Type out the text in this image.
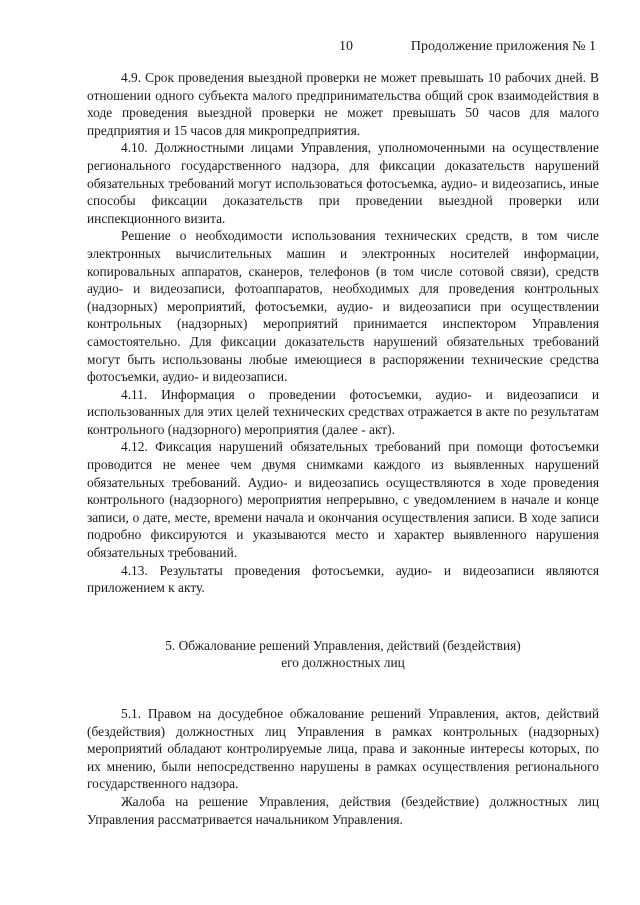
10	Продолжение приложения № 1

4.9. Срок проведения выездной проверки не может превышать 10 рабочих дней. В отношении одного субъекта малого предпринимательства общий срок взаимодействия в ходе проведения выездной проверки не может превышать 50 часов для малого предприятия и 15 часов для микропредприятия.

4.10. Должностными лицами Управления, уполномоченными на осуществление регионального государственного надзора, для фиксации доказательств нарушений обязательных требований могут использоваться фотосъемка, аудио- и видеозапись, иные способы фиксации доказательств при проведении выездной проверки или инспекционного визита.

Решение о необходимости использования технических средств, в том числе электронных вычислительных машин и электронных носителей информации, копировальных аппаратов, сканеров, телефонов (в том числе сотовой связи), средств аудио- и видеозаписи, фотоаппаратов, необходимых для проведения контрольных (надзорных) мероприятий, фотосъемки, аудио- и видеозаписи при осуществлении контрольных (надзорных) мероприятий принимается инспектором Управления самостоятельно. Для фиксации доказательств нарушений обязательных требований могут быть использованы любые имеющиеся в распоряжении технические средства фотосъемки, аудио- и видеозаписи.

4.11. Информация о проведении фотосъемки, аудио- и видеозаписи и использованных для этих целей технических средствах отражается в акте по результатам контрольного (надзорного) мероприятия (далее - акт).

4.12. Фиксация нарушений обязательных требований при помощи фотосъемки проводится не менее чем двумя снимками каждого из выявленных нарушений обязательных требований. Аудио- и видеозапись осуществляются в ходе проведения контрольного (надзорного) мероприятия непрерывно, с уведомлением в начале и конце записи, о дате, месте, времени начала и окончания осуществления записи. В ходе записи подробно фиксируются и указываются место и характер выявленного нарушения обязательных требований.

4.13. Результаты проведения фотосъемки, аудио- и видеозаписи являются приложением к акту.

5. Обжалование решений Управления, действий (бездействия)
его должностных лиц

5.1. Правом на досудебное обжалование решений Управления, актов, действий (бездействия) должностных лиц Управления в рамках контрольных (надзорных) мероприятий обладают контролируемые лица, права и законные интересы которых, по их мнению, были непосредственно нарушены в рамках осуществления регионального государственного надзора.

Жалоба на решение Управления, действия (бездействие) должностных лиц Управления рассматривается начальником Управления.
